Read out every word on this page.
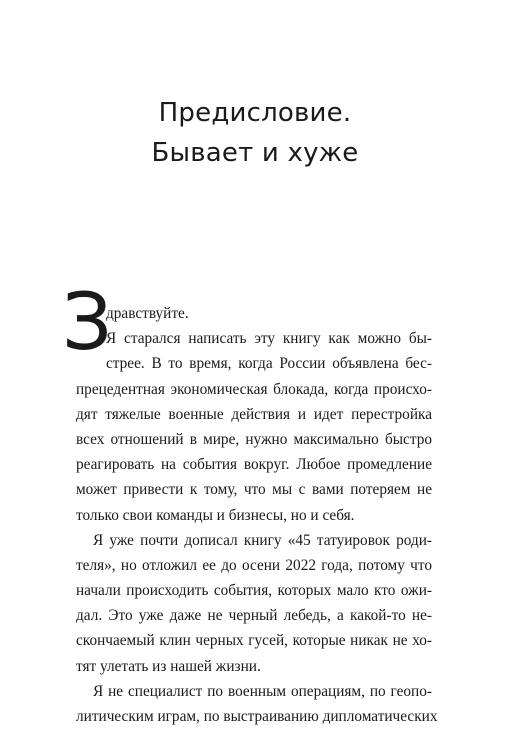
Предисловие.
Бывает и хуже
З
дравствуйте.
Я старался написать эту книгу как можно бы-
стрее. В то время, когда России объявлена бес-
прецедентная экономическая блокада, когда происхо-
дят тяжелые военные действия и идет перестройка
всех отношений в мире, нужно максимально быстро
реагировать на события вокруг. Любое промедление
может привести к тому, что мы с вами потеряем не
только свои команды и бизнесы, но и себя.
Я уже почти дописал книгу «45 татуировок роди-
теля», но отложил ее до осени 2022 года, потому что
начали происходить события, которых мало кто ожи-
дал. Это уже даже не черный лебедь, а какой-то не-
скончаемый клин черных гусей, которые никак не хо-
тят улетать из нашей жизни.
Я не специалист по военным операциям, по геопо-
литическим играм, по выстраиванию дипломатических
